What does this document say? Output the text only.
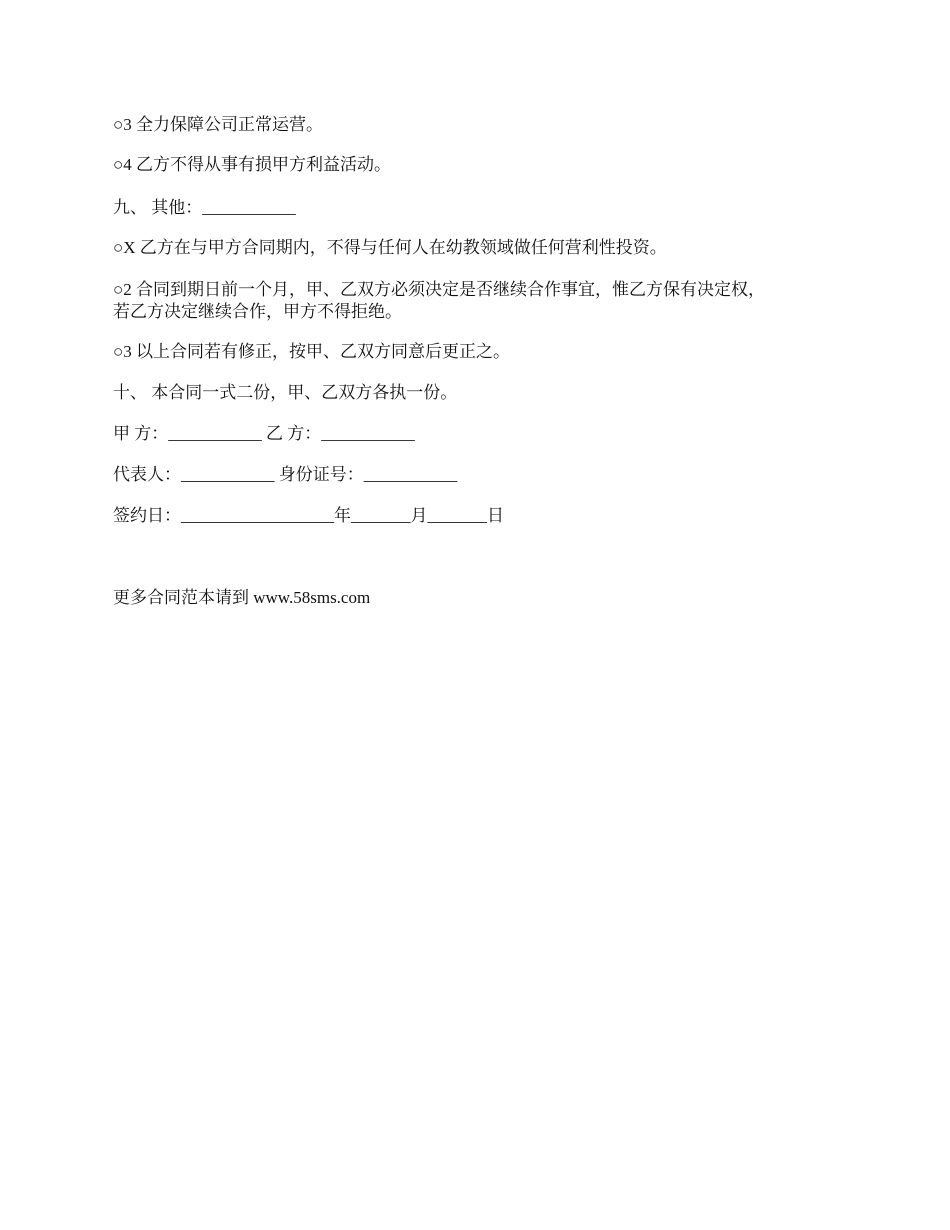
○3 全力保障公司正常运营。
○4 乙方不得从事有损甲方利益活动。
九、 其他：___________
○X 乙方在与甲方合同期内，不得与任何人在幼教领域做任何营利性投资。
○2 合同到期日前一个月，甲、乙双方必须决定是否继续合作事宜，惟乙方保有决定权，
若乙方决定继续合作，甲方不得拒绝。
○3 以上合同若有修正，按甲、乙双方同意后更正之。
十、 本合同一式二份，甲、乙双方各执一份。
甲 方：___________ 乙 方：___________
代表人：___________ 身份证号：___________
签约日：__________________年_______月_______日
更多合同范本请到 www.58sms.com
